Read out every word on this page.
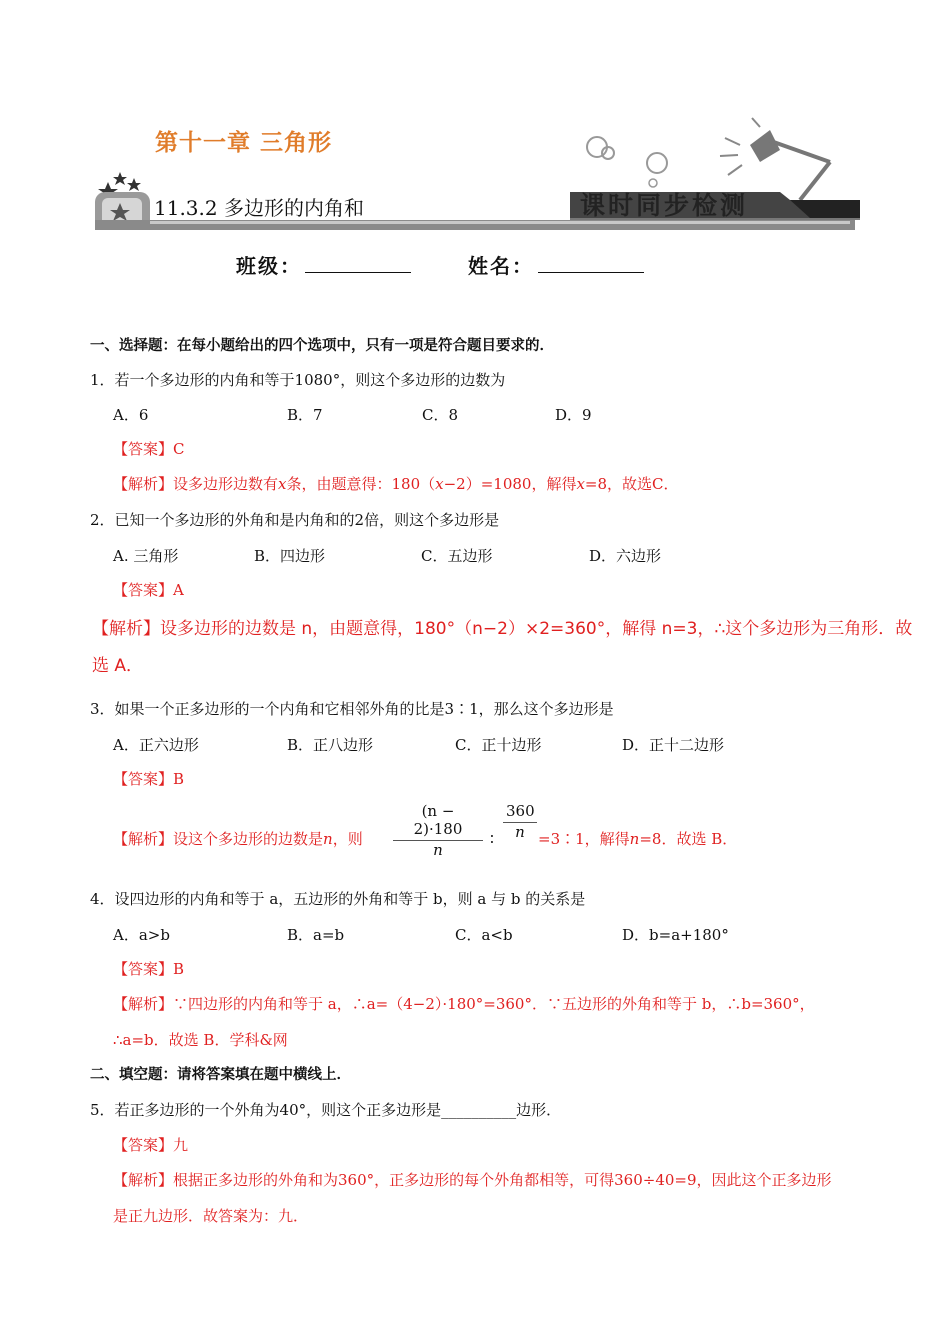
第十一章 三角形
11.3.2 多边形的内角和	课时同步检测
班级：	姓名：
一、选择题：在每小题给出的四个选项中，只有一项是符合题目要求的．
1．若一个多边形的内角和等于1080°，则这个多边形的边数为
A．6	B．7	C．8	D．9
【答案】C
【解析】设多边形边数有x条，由题意得：180（x−2）=1080，解得x=8，故选C．
2．已知一个多边形的外角和是内角和的2倍，则这个多边形是
A. 三角形	B．四边形	C．五边形	D．六边形
【答案】A
【解析】设多边形的边数是 n，由题意得，180°（n−2）×2=360°，解得 n=3，∴这个多边形为三角形．故
选 A．
3．如果一个正多边形的一个内角和它相邻外角的比是3∶1，那么这个多边形是
A．正六边形	B．正八边形	C．正十边形	D．正十二边形
【答案】B
【解析】设这个多边形的边数是n，则
(n − 2)·180
n
∶
360
n =3∶1，解得n=8．故选 B．
4．设四边形的内角和等于 a，五边形的外角和等于 b，则 a 与 b 的关系是
A．a>b	B．a=b	C．a<b	D．b=a+180°
【答案】B
【解析】∵四边形的内角和等于 a，∴a=（4−2）·180°=360°．∵五边形的外角和等于 b，∴b=360°，
∴a=b．故选 B．学科&网
二、填空题：请将答案填在题中横线上．
5．若正多边形的一个外角为40°，则这个正多边形是__________边形．
【答案】九
【解析】根据正多边形的外角和为360°，正多边形的每个外角都相等，可得360÷40=9，因此这个正多边形
是正九边形．故答案为：九．
